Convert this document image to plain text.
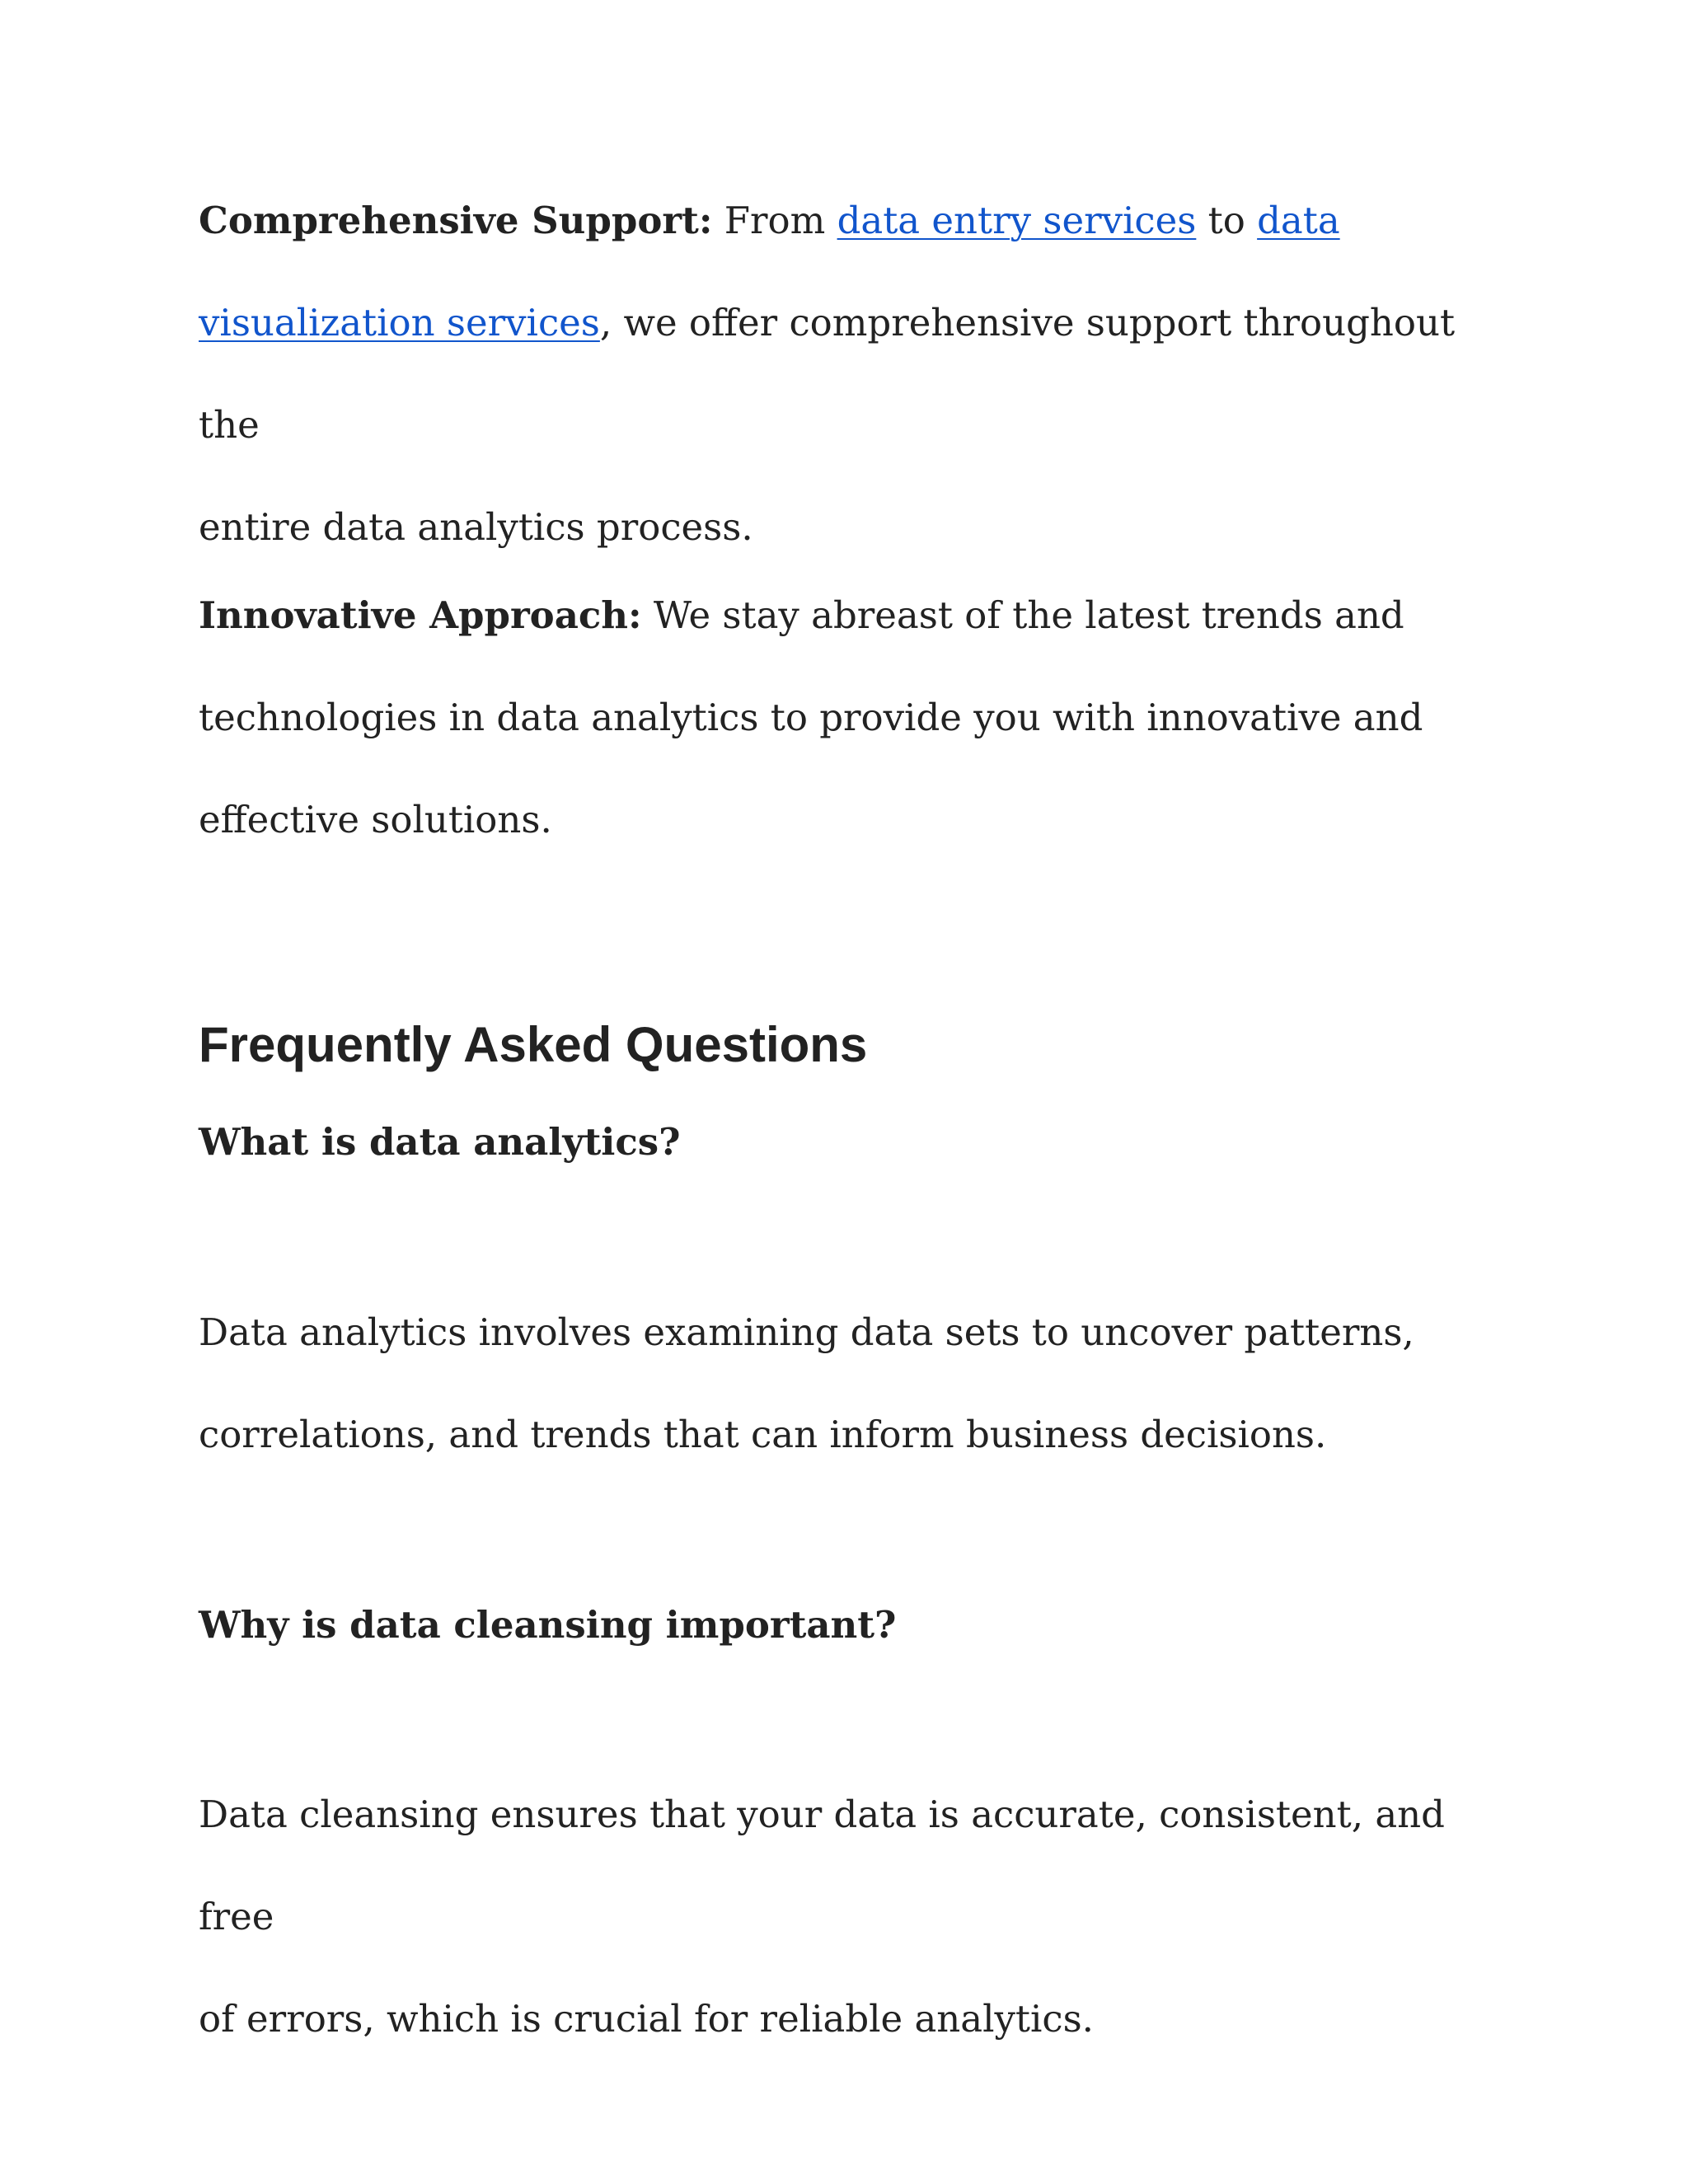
Comprehensive Support: From data entry services to data
visualization services, we offer comprehensive support throughout the
entire data analytics process.

Innovative Approach: We stay abreast of the latest trends and
technologies in data analytics to provide you with innovative and
effective solutions.

Frequently Asked Questions
What is data analytics?

Data analytics involves examining data sets to uncover patterns,
correlations, and trends that can inform business decisions.

Why is data cleansing important?

Data cleansing ensures that your data is accurate, consistent, and free
of errors, which is crucial for reliable analytics.
